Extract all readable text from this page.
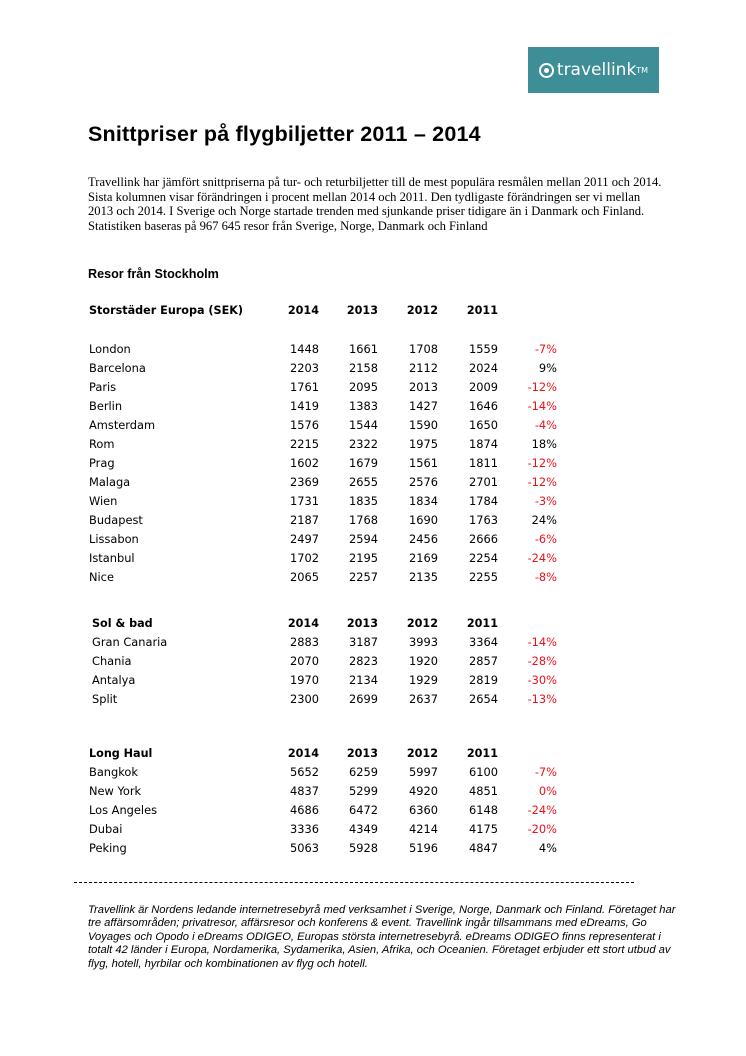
travellink TM
Snittpriser på flygbiljetter 2011 – 2014

Travellink har jämfört snittpriserna på tur- och returbiljetter till de mest populära resmålen mellan 2011 och 2014. Sista kolumnen visar förändringen i procent mellan 2014 och 2011. Den tydligaste förändringen ser vi mellan 2013 och 2014. I Sverige och Norge startade trenden med sjunkande priser tidigare än i Danmark och Finland. Statistiken baseras på 967 645 resor från Sverige, Norge, Danmark och Finland

Resor från Stockholm

Storstäder Europa (SEK)	2014 2013	2012	2011
London	1448	1661	1708	1559	-7%
Barcelona	2203	2158	2112	2024	9%
Paris	1761	2095	2013	2009	-12%
Berlin	1419	1383	1427	1646	-14%
Amsterdam	1576	1544	1590	1650	-4%
Rom	2215	2322	1975	1874	18%
Prag	1602	1679	1561	1811	-12%
Malaga	2369	2655	2576	2701	-12%
Wien	1731	1835	1834	1784	-3%
Budapest	2187	1768	1690	1763	24%
Lissabon	2497	2594	2456	2666	-6%
Istanbul	1702	2195	2169	2254	-24%
Nice	2065	2257	2135	2255	-8%
Sol & bad	2014 2013	2012	2011
Gran Canaria	2883	3187	3993	3364	-14%
Chania	2070	2823	1920	2857	-28%
Antalya	1970	2134	1929	2819	-30%
Split	2300	2699	2637	2654	-13%
Long Haul	2014 2013	2012	2011
Bangkok	5652	6259	5997	6100	-7%
New York	4837	5299	4920	4851	0%
Los Angeles	4686	6472	6360	6148	-24%
Dubai	3336	4349	4214	4175	-20%
Peking	5063	5928	5196	4847	4%

Travellink är Nordens ledande internetresebyrå med verksamhet i Sverige, Norge, Danmark och Finland. Företaget har tre affärsområden; privatresor, affärsresor och konferens & event. Travellink ingår tillsammans med eDreams, Go Voyages och Opodo i eDreams ODIGEO, Europas största internetresebyrå. eDreams ODIGEO finns representerat i totalt 42 länder i Europa, Nordamerika, Sydamerika, Asien, Afrika, och Oceanien. Företaget erbjuder ett stort utbud av flyg, hotell, hyrbilar och kombinationen av flyg och hotell.
